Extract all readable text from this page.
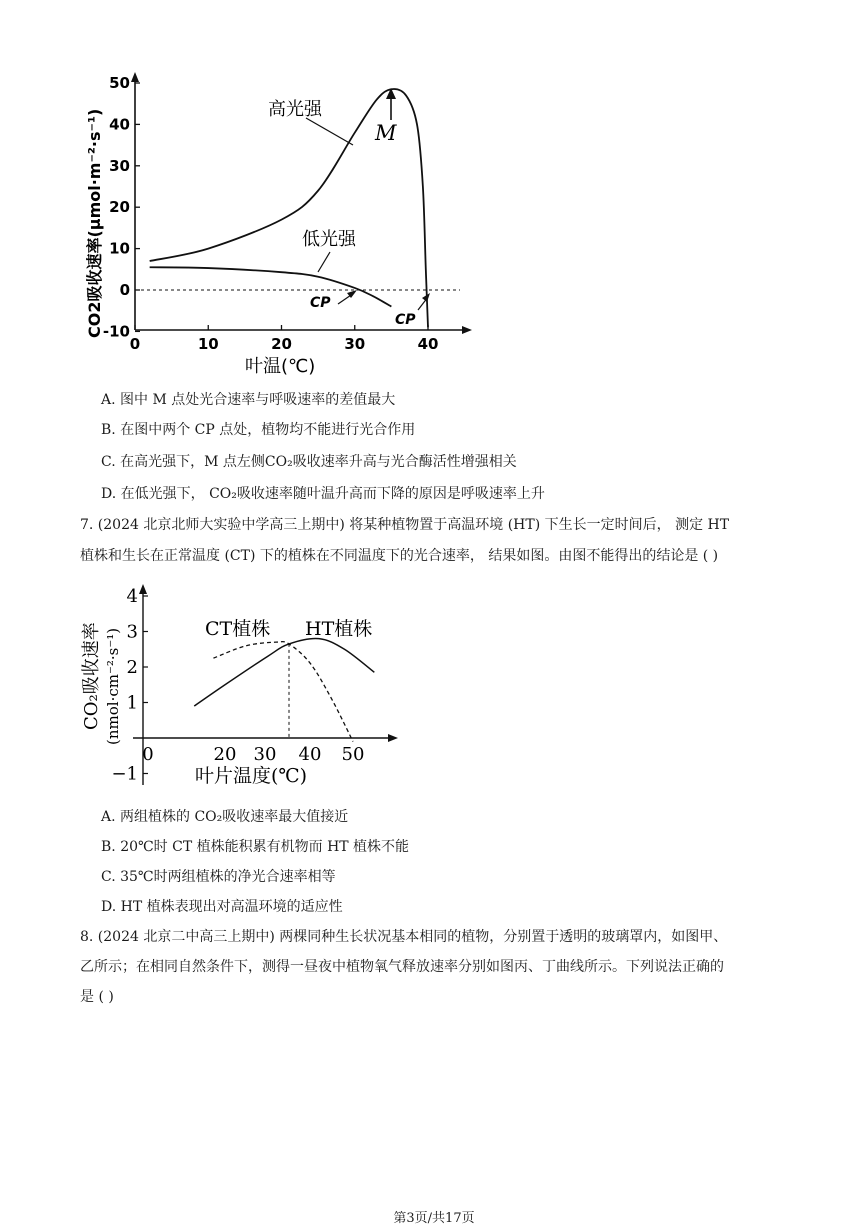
0	10	20	30	40
50
40
30
20
10
0
-10
高光强
低光强
M
CP
CP
叶温(℃)
CO2吸收速率(μmol·m⁻²·s⁻¹)
A. 图中 M 点处光合速率与呼吸速率的差值最大
B. 在图中两个 CP 点处，植物均不能进行光合作用
C. 在高光强下，M 点左侧CO₂吸收速率升高与光合酶活性增强相关
D. 在低光强下， CO₂吸收速率随叶温升高而下降的原因是呼吸速率上升
7. (2024 北京北师大实验中学高三上期中) 将某种植物置于高温环境 (HT) 下生长一定时间后， 测定 HT
植株和生长在正常温度 (CT) 下的植株在不同温度下的光合速率， 结果如图。由图不能得出的结论是 ( )
0	20 30 40 50
4
3
2
1
−1
CT植株 HT植株
叶片温度(℃)
CO₂吸收速率 (nmol·cm⁻²·s⁻¹)
A. 两组植株的 CO₂吸收速率最大值接近
B. 20℃时 CT 植株能积累有机物而 HT 植株不能
C. 35℃时两组植株的净光合速率相等
D. HT 植株表现出对高温环境的适应性
8. (2024 北京二中高三上期中) 两棵同种生长状况基本相同的植物，分别置于透明的玻璃罩内，如图甲、
乙所示；在相同自然条件下，测得一昼夜中植物氧气释放速率分别如图丙、丁曲线所示。下列说法正确的
是 ( )
第3页/共17页
